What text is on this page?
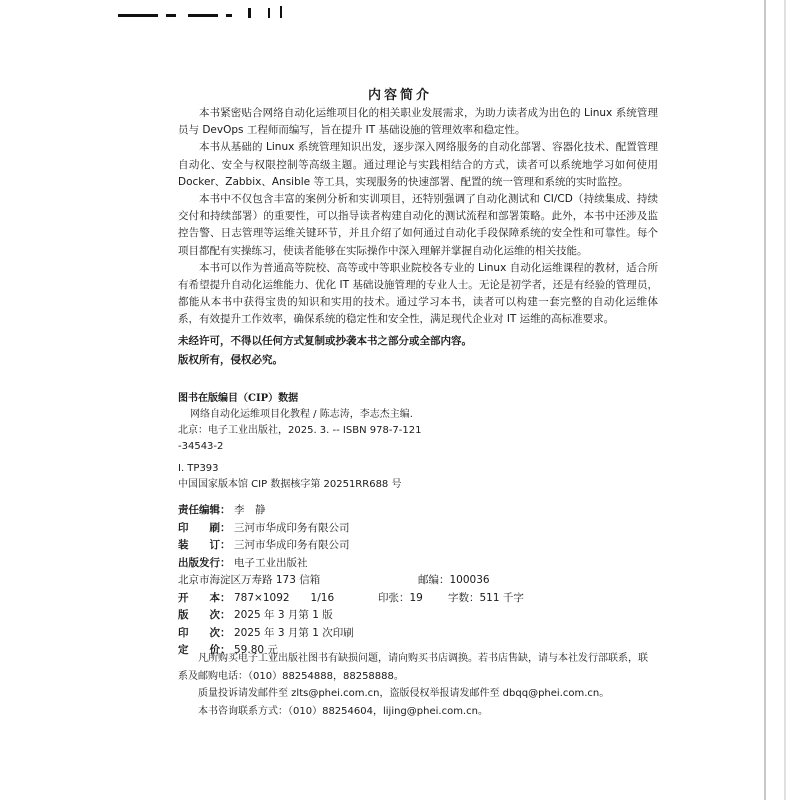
内容简介

本书紧密贴合网络自动化运维项目化的相关职业发展需求，为助力读者成为出色的 Linux 系统管理员与 DevOps 工程师而编写，旨在提升 IT 基础设施的管理效率和稳定性。

本书从基础的 Linux 系统管理知识出发，逐步深入网络服务的自动化部署、容器化技术、配置管理自动化、安全与权限控制等高级主题。通过理论与实践相结合的方式，读者可以系统地学习如何使用 Docker、Zabbix、Ansible 等工具，实现服务的快速部署、配置的统一管理和系统的实时监控。

本书中不仅包含丰富的案例分析和实训项目，还特别强调了自动化测试和 CI/CD（持续集成、持续交付和持续部署）的重要性，可以指导读者构建自动化的测试流程和部署策略。此外，本书中还涉及监控告警、日志管理等运维关键环节，并且介绍了如何通过自动化手段保障系统的安全性和可靠性。每个项目都配有实操练习，使读者能够在实际操作中深入理解并掌握自动化运维的相关技能。

本书可以作为普通高等院校、高等或中等职业院校各专业的 Linux 自动化运维课程的教材，适合所有希望提升自动化运维能力、优化 IT 基础设施管理的专业人士。无论是初学者，还是有经验的管理员，都能从本书中获得宝贵的知识和实用的技术。通过学习本书，读者可以构建一套完整的自动化运维体系，有效提升工作效率，确保系统的稳定性和安全性，满足现代企业对 IT 运维的高标准要求。

未经许可，不得以任何方式复制或抄袭本书之部分或全部内容。
版权所有，侵权必究。
图书在版编目（CIP）数据
网络自动化运维项目化教程 / 陈志涛，李志杰主编.
北京：电子工业出版社，2025. 3. -- ISBN 978-7-121
-34543-2
Ⅰ. TP393
中国国家版本馆 CIP 数据核字第 20251RR688 号
责任编辑： 李　静
印　　刷： 三河市华成印务有限公司
装　　订： 三河市华成印务有限公司
出版发行： 电子工业出版社
北京市海淀区万寿路 173 信箱	邮编：100036
开　　本： 787×1092　　1/16	印张：19 字数：511 千字
版　　次： 2025 年 3 月第 1 版
印　　次： 2025 年 3 月第 1 次印刷
定　　价： 59.80 元

凡所购买电子工业出版社图书有缺损问题，请向购买书店调换。若书店售缺，请与本社发行部联系，联系及邮购电话：（010）88254888，88258888。

质量投诉请发邮件至 zlts@phei.com.cn，盗版侵权举报请发邮件至 dbqq@phei.com.cn。

本书咨询联系方式：（010）88254604，lijing@phei.com.cn。
